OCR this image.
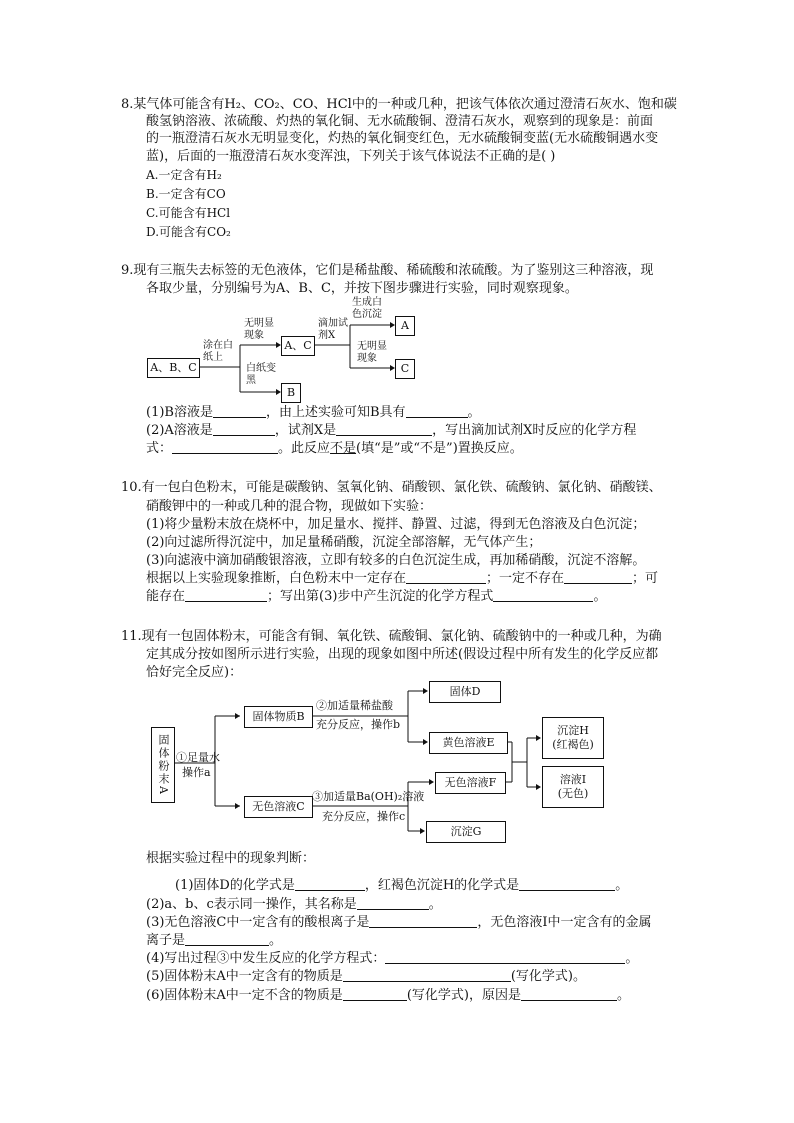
8.某气体可能含有H₂、CO₂、CO、HCl中的一种或几种，把该气体依次通过澄清石灰水、饱和碳
酸氢钠溶液、浓硫酸、灼热的氧化铜、无水硫酸铜、澄清石灰水，观察到的现象是：前面
的一瓶澄清石灰水无明显变化，灼热的氧化铜变红色，无水硫酸铜变蓝(无水硫酸铜遇水变
蓝)，后面的一瓶澄清石灰水变浑浊，下列关于该气体说法不正确的是( )
A.一定含有H₂
B.一定含有CO
C.可能含有HCl
D.可能含有CO₂
9.现有三瓶失去标签的无色液体，它们是稀盐酸、稀硫酸和浓硫酸。为了鉴别这三种溶液，现
各取少量，分别编号为A、B、C，并按下图步骤进行实验，同时观察现象。
A、B、C
涂在白纸上
无明显现象
A、C
滴加试剂X
生成白色沉淀
A
无明显现象
C
白纸变黑
B
(1)B溶液是	，由上述实验可知B具有	。
(2)A溶液是	，试剂X是	，写出滴加试剂X时反应的化学方程
式：	。此反应不是(填“是”或“不是”)置换反应。
10.有一包白色粉末，可能是碳酸钠、氢氧化钠、硝酸钡、氯化铁、硫酸钠、氯化钠、硝酸镁、
硝酸钾中的一种或几种的混合物，现做如下实验：
(1)将少量粉末放在烧杯中，加足量水、搅拌、静置、过滤，得到无色溶液及白色沉淀；
(2)向过滤所得沉淀中，加足量稀硝酸，沉淀全部溶解，无气体产生；
(3)向滤液中滴加硝酸银溶液，立即有较多的白色沉淀生成，再加稀硝酸，沉淀不溶解。
根据以上实验现象推断，白色粉末中一定存在	；一定不存在	；可
能存在	；写出第(3)步中产生沉淀的化学方程式	。
11.现有一包固体粉末，可能含有铜、氧化铁、硫酸铜、氯化钠、硫酸钠中的一种或几种，为确
定其成分按如图所示进行实验，出现的现象如图中所述(假设过程中所有发生的化学反应都
恰好完全反应)：
固体粉末A ①足量水
操作a
固体物质B
②加适量稀盐酸
充分反应，操作b
固体D
黄色溶液E
无色溶液C
③加适量Ba(OH)₂溶液
充分反应，操作c
无色溶液F
沉淀G
沉淀H
(红褐色)
溶液I
(无色)
根据实验过程中的现象判断：
(1)固体D的化学式是	，红褐色沉淀H的化学式是	。
(2)a、b、c表示同一操作，其名称是	。
(3)无色溶液C中一定含有的酸根离子是	，无色溶液I中一定含有的金属
离子是	。
(4)写出过程③中发生反应的化学方程式：	。
(5)固体粉末A中一定含有的物质是	(写化学式)。
(6)固体粉末A中一定不含的物质是	(写化学式)，原因是	。
